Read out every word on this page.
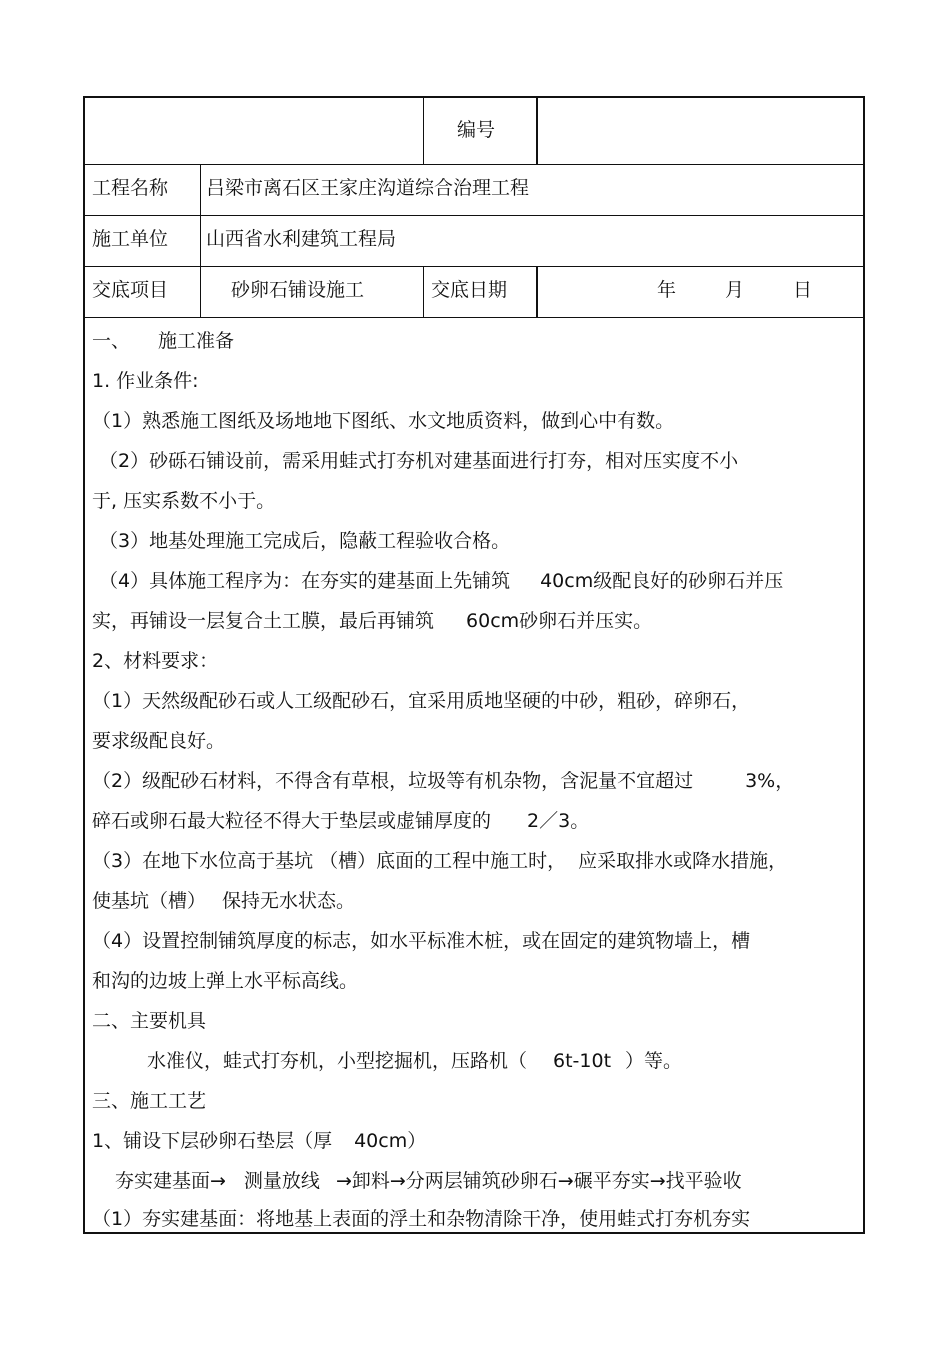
编号
工程名称 吕梁市离石区王家庄沟道综合治理工程
施工单位 山西省水利建筑工程局
交底项目	砂卵石铺设施工	交底日期	年	月	日
一、 施工准备
1. 作业条件:
（1）熟悉施工图纸及场地地下图纸、水文地质资料，做到心中有数。
（2）砂砾石铺设前，需采用蛙式打夯机对建基面进行打夯，相对压实度不小
于, 压实系数不小于。
（3）地基处理施工完成后，隐蔽工程验收合格。
（4）具体施工程序为：在夯实的建基面上先铺筑 40cm级配良好的砂卵石并压
实，再铺设一层复合土工膜，最后再铺筑 60cm砂卵石并压实。
2、材料要求：
（1）天然级配砂石或人工级配砂石，宜采用质地坚硬的中砂，粗砂，碎卵石，
要求级配良好。
（2）级配砂石材料，不得含有草根，垃圾等有机杂物，含泥量不宜超过	3%，
碎石或卵石最大粒径不得大于垫层或虚铺厚度的 2／3。
（3）在地下水位高于基坑 （槽）底面的工程中施工时， 应采取排水或降水措施，
使基坑（槽） 保持无水状态。
（4）设置控制铺筑厚度的标志，如水平标准木桩，或在固定的建筑物墙上，槽
和沟的边坡上弹上水平标高线。
二、主要机具
水准仪，蛙式打夯机，小型挖掘机，压路机（ 6t-10t ）等。
三、施工工艺
1、铺设下层砂卵石垫层（厚 40cm）
夯实建基面→ 测量放线 →卸料→分两层铺筑砂卵石→碾平夯实→找平验收
（1）夯实建基面：将地基上表面的浮土和杂物清除干净，使用蛙式打夯机夯实
